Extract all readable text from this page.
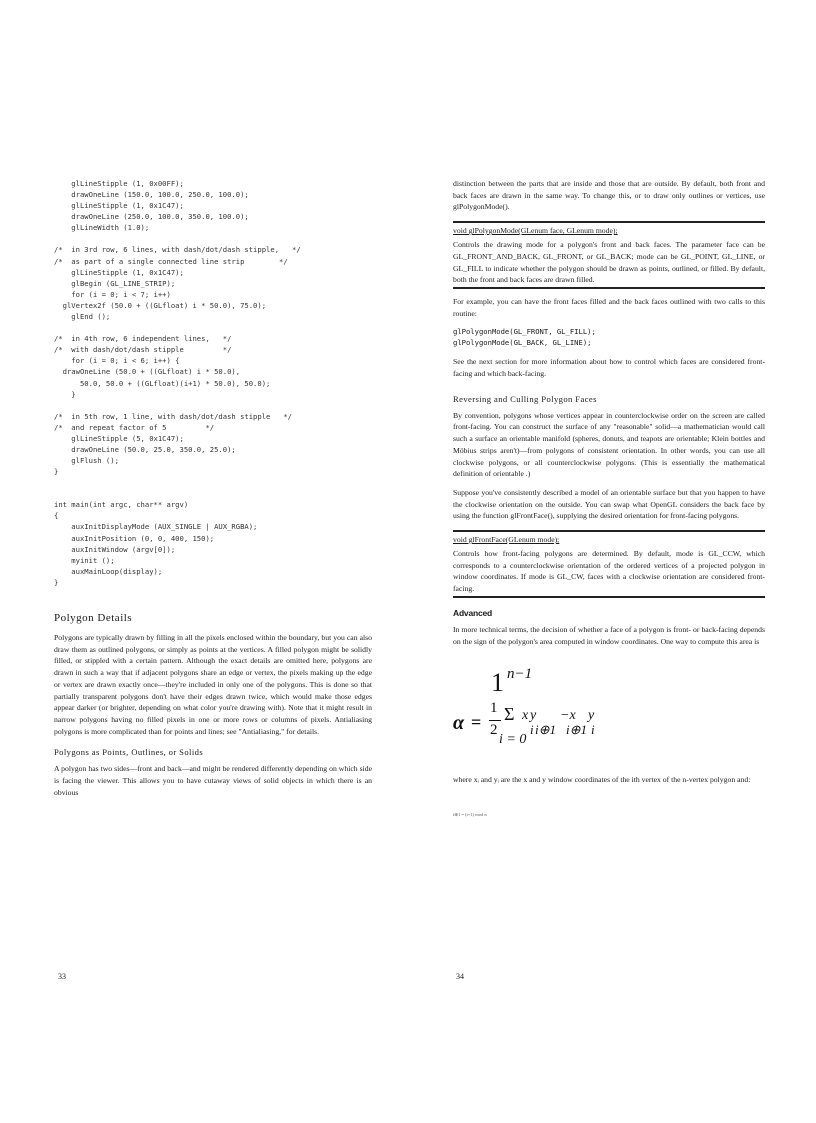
glLineStipple (1, 0x00FF);
drawOneLine (150.0, 100.0, 250.0, 100.0);
glLineStipple (1, 0x1C47);
drawOneLine (250.0, 100.0, 350.0, 100.0);
glLineWidth (1.0);
/*  in 3rd row, 6 lines, with dash/dot/dash stipple,   */
/*  as part of a single connected line strip        */
glLineStipple (1, 0x1C47);
glBegin (GL_LINE_STRIP);
for (i = 0; i < 7; i++)
glVertex2f (50.0 + ((GLfloat) i * 50.0), 75.0);
glEnd ();
/*  in 4th row, 6 independent lines,   */
/*  with dash/dot/dash stipple         */
for (i = 0; i < 6; i++) {
drawOneLine (50.0 + ((GLfloat) i * 50.0),
50.0, 50.0 + ((GLfloat)(i+1) * 50.0), 50.0);
}
/*  in 5th row, 1 line, with dash/dot/dash stipple   */
/*  and repeat factor of 5         */
glLineStipple (5, 0x1C47);
drawOneLine (50.0, 25.0, 350.0, 25.0);
glFlush ();
}
int main(int argc, char** argv)
{
auxInitDisplayMode (AUX_SINGLE | AUX_RGBA);
auxInitPosition (0, 0, 400, 150);
auxInitWindow (argv[0]);
myinit ();
auxMainLoop(display);
}
Polygon Details

Polygons are typically drawn by filling in all the pixels enclosed within the boundary, but you can also draw them as outlined polygons, or simply as points at the vertices. A filled polygon might be solidly filled, or stippled with a certain pattern. Although the exact details are omitted here, polygons are drawn in such a way that if adjacent polygons share an edge or vertex, the pixels making up the edge or vertex are drawn exactly once—they're included in only one of the polygons. This is done so that partially transparent polygons don't have their edges drawn twice, which would make those edges appear darker (or brighter, depending on what color you're drawing with). Note that it might result in narrow polygons having no filled pixels in one or more rows or columns of pixels. Antialiasing polygons is more complicated than for points and lines; see "Antialiasing," for details.

Polygons as Points, Outlines, or Solids

A polygon has two sides—front and back—and might be rendered differently depending on which side is facing the viewer. This allows you to have cutaway views of solid objects in which there is an obvious

distinction between the parts that are inside and those that are outside. By default, both front and back faces are drawn in the same way. To change this, or to draw only outlines or vertices, use glPolygonMode().

void glPolygonMode(GLenum face, GLenum mode);

Controls the drawing mode for a polygon's front and back faces. The parameter face can be GL_FRONT_AND_BACK, GL_FRONT, or GL_BACK; mode can be GL_POINT, GL_LINE, or GL_FILL to indicate whether the polygon should be drawn as points, outlined, or filled. By default, both the front and back faces are drawn filled.

For example, you can have the front faces filled and the back faces outlined with two calls to this routine:

glPolygonMode(GL_FRONT, GL_FILL);
glPolygonMode(GL_BACK, GL_LINE);

See the next section for more information about how to control which faces are considered front-facing and which back-facing.

Reversing and Culling Polygon Faces

By convention, polygons whose vertices appear in counterclockwise order on the screen are called front-facing. You can construct the surface of any "reasonable" solid—a mathematician would call such a surface an orientable manifold (spheres, donuts, and teapots are orientable; Klein bottles and Möbius strips aren't)—from polygons of consistent orientation. In other words, you can use all clockwise polygons, or all counterclockwise polygons. (This is essentially the mathematical definition of orientable .)

Suppose you've consistently described a model of an orientable surface but that you happen to have the clockwise orientation on the outside. You can swap what OpenGL considers the back face by using the function glFrontFace(), supplying the desired orientation for front-facing polygons.

void glFrontFace(GLenum mode);

Controls how front-facing polygons are determined. By default, mode is GL_CCW, which corresponds to a counterclockwise orientation of the ordered vertices of a projected polygon in window coordinates. If mode is GL_CW, faces with a clockwise orientation are considered front-facing.

Advanced

In more technical terms, the decision of whether a face of a polygon is front- or back-facing depends on the sign of the polygon's area computed in window coordinates. One way to compute this area is

α =
1
2
1 n−1
Σ
i = 0
x y
i i⊕1
−x
i⊕1
y
i

where xᵢ and yᵢ are the x and y window coordinates of the ith vertex of the n-vertex polygon and:

i⊕1 = (i+1) mod n
33	34
